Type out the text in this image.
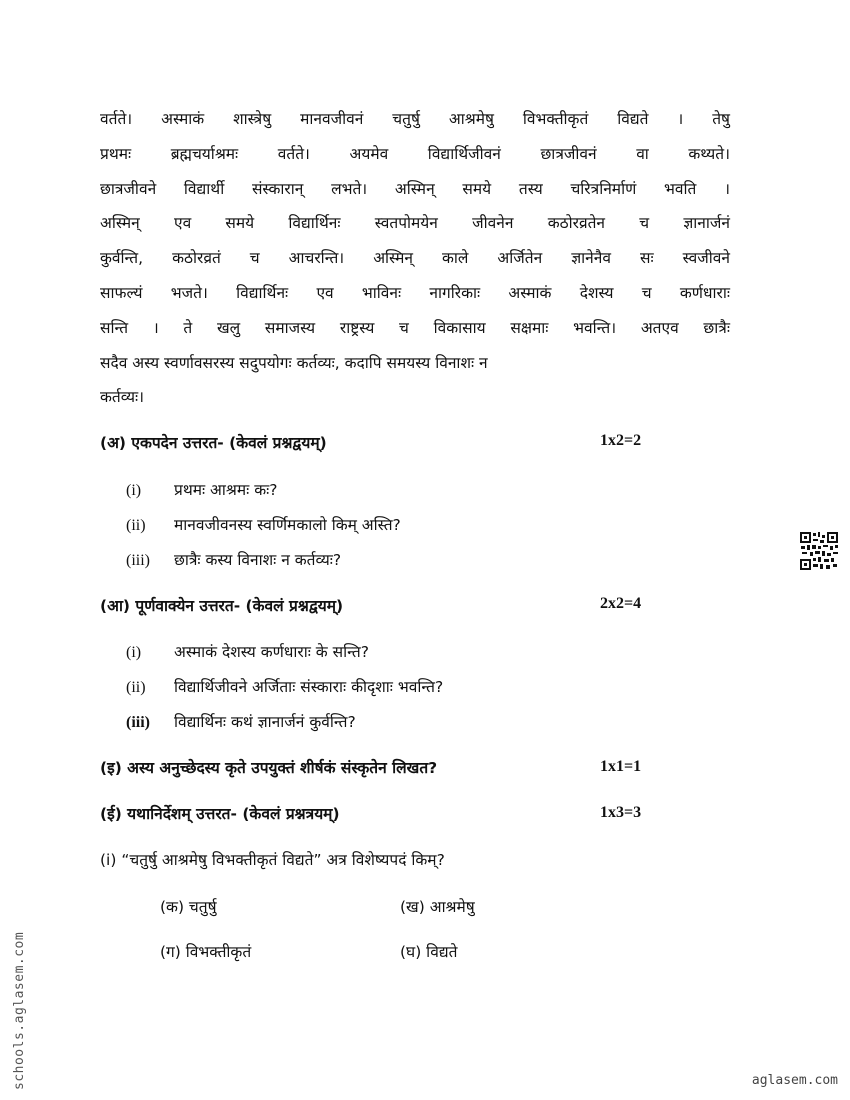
वर्तते। अस्माकं शास्त्रेषु मानवजीवनं चतुर्षु आश्रमेषु विभक्तीकृतं विद्यते । तेषु
प्रथमः ब्रह्मचर्याश्रमः वर्तते। अयमेव विद्यार्थिजीवनं छात्रजीवनं वा कथ्यते।
छात्रजीवने विद्यार्थी संस्कारान् लभते। अस्मिन् समये तस्य चरित्रनिर्माणं भवति ।
अस्मिन् एव समये विद्यार्थिनः स्वतपोमयेन जीवनेन कठोरव्रतेन च ज्ञानार्जनं
कुर्वन्ति, कठोरव्रतं च आचरन्ति। अस्मिन् काले अर्जितेन ज्ञानेनैव सः स्वजीवने
साफल्यं भजते। विद्यार्थिनः एव भाविनः नागरिकाः अस्माकं देशस्य च कर्णधाराः
सन्ति । ते खलु समाजस्य राष्ट्रस्य च विकासाय सक्षमाः भवन्ति। अतएव छात्रैः
सदैव अस्य स्वर्णावसरस्य सदुपयोगः कर्तव्यः, कदापि समयस्य विनाशः न
कर्तव्यः।
(अ) एकपदेन उत्तरत- (केवलं प्रश्नद्वयम्)	1x2=2
(i) प्रथमः आश्रमः कः?
(ii) मानवजीवनस्य स्वर्णिमकालो किम् अस्ति?
(iii) छात्रैः कस्य विनाशः न कर्तव्यः?
(आ) पूर्णवाक्येन उत्तरत- (केवलं प्रश्नद्वयम्)	2x2=4
(i) अस्माकं देशस्य कर्णधाराः के सन्ति?
(ii) विद्यार्थिजीवने अर्जिताः संस्काराः कीदृशाः भवन्ति?
(iii) विद्यार्थिनः कथं ज्ञानार्जनं कुर्वन्ति?
(इ) अस्य अनुच्छेदस्य कृते उपयुक्तं शीर्षकं संस्कृतेन लिखत?	1x1=1
(ई) यथानिर्देशम् उत्तरत- (केवलं प्रश्नत्रयम्)	1x3=3
(i) “चतुर्षु आश्रमेषु विभक्तीकृतं विद्यते” अत्र विशेष्यपदं किम्?
(क) चतुर्षु	(ख) आश्रमेषु
(ग) विभक्तीकृतं	(घ) विद्यते
schools.aglasem.com	aglasem.com
